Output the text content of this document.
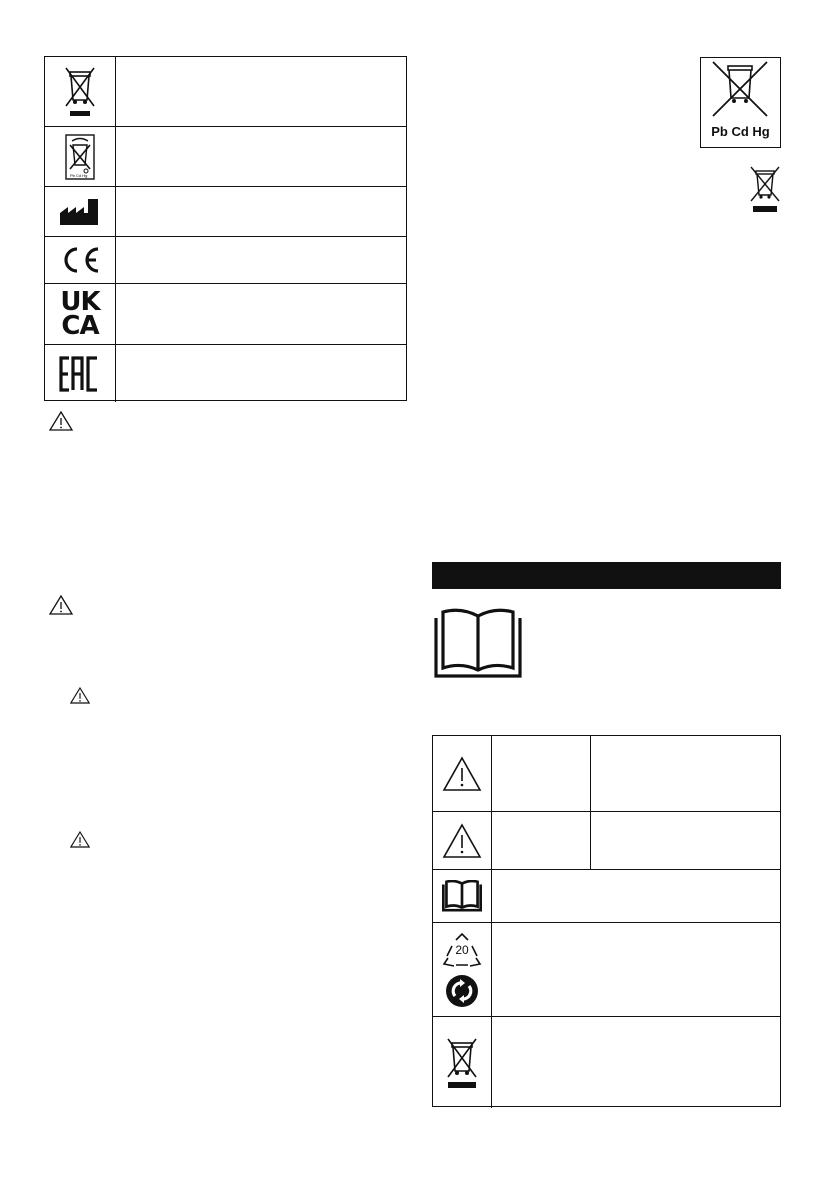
Pb Cd Hg
UK
CA
Pb Cd Hg
20
